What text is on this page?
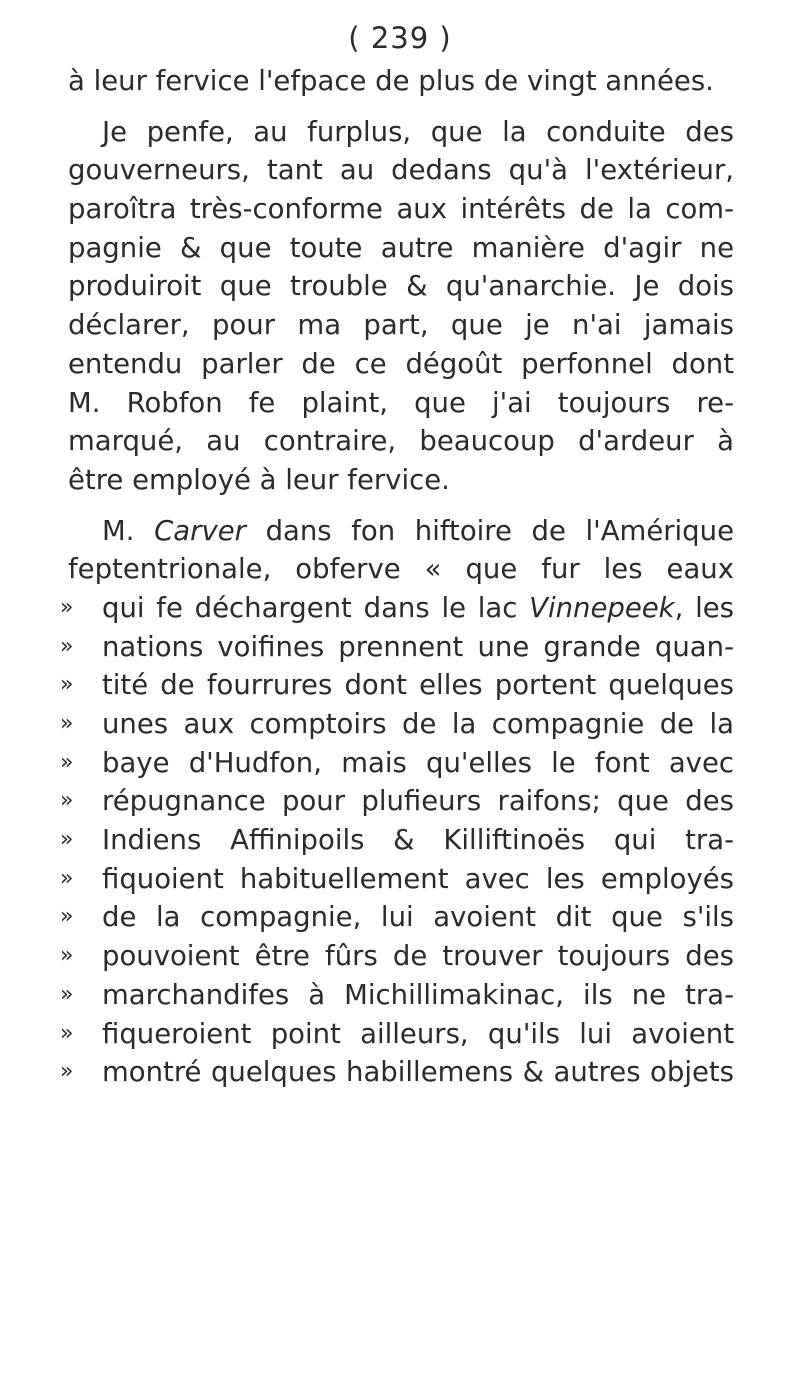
( 239 )
à leur fervice l'efpace de plus de vingt années.
Je penfe, au furplus, que la conduite des
gouverneurs, tant au dedans qu'à l'extérieur,
paroîtra très-conforme aux intérêts de la com-
pagnie & que toute autre manière d'agir ne
produiroit que trouble & qu'anarchie. Je dois
déclarer, pour ma part, que je n'ai jamais
entendu parler de ce dégoût perfonnel dont
M. Robfon fe plaint, que j'ai toujours re-
marqué, au contraire, beaucoup d'ardeur à
être employé à leur fervice.
M. Carver dans fon hiftoire de l'Amérique
feptentrionale, obferve « que fur les eaux
»	qui fe déchargent dans le lac Vinnepeek, les
»	nations voifines prennent une grande quan-
»	tité de fourrures dont elles portent quelques
»	unes aux comptoirs de la compagnie de la
»	baye d'Hudfon, mais qu'elles le font avec
»	répugnance pour plufieurs raifons; que des
»	Indiens Affinipoils & Killiftinoës qui tra-
»	fiquoient habituellement avec les employés
»	de la compagnie, lui avoient dit que s'ils
»	pouvoient être fûrs de trouver toujours des
»	marchandifes à Michillimakinac, ils ne tra-
»	fiqueroient point ailleurs, qu'ils lui avoient
»	montré quelques habillemens & autres objets
